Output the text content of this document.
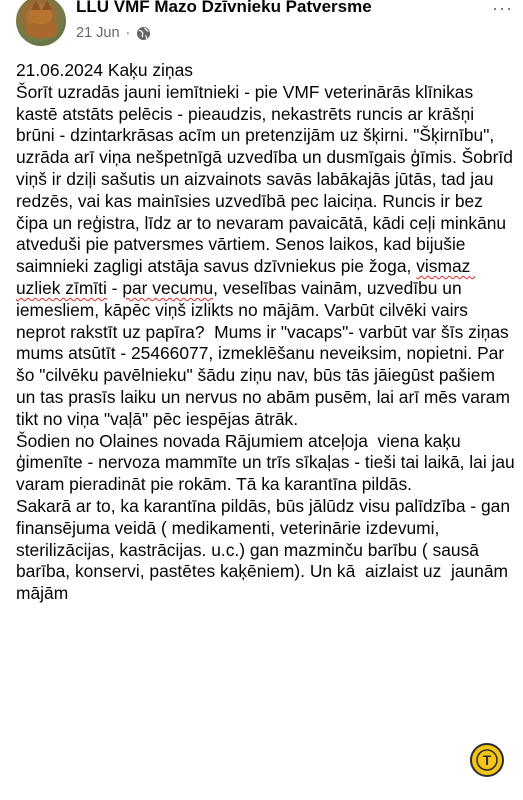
LLU VMF Mazo Dzīvnieku Patversme
21 Jun ·
···

21.06.2024 Kaķu ziņas

Šorīt uzradās jauni iemītnieki - pie VMF veterinārās klīnikas kastē atstāts pelēcis - pieaudzis, nekastrēts runcis ar krāšņi brūni - dzintarkrāsas acīm un pretenzijām uz šķirni. "Šķirnību", uzrāda arī viņa nešpetnīgā uzvedība un dusmīgais ģīmis. Šobrīd viņš ir dziļi sašutis un aizvainots savās labākajās jūtās, tad jau redzēs, vai kas mainīsies uzvedībā pec laiciņa. Runcis ir bez čipa un reģistra, līdz ar to nevaram pavaicātā, kādi ceļi minkānu atveduši pie patversmes vārtiem. Senos laikos, kad bijušie saimnieki zagligi atstāja savus dzīvniekus pie žoga, vismaz uzliek zīmīti - par vecumu, veselības vainām, uzvedību un iemesliem, kāpēc viņš izlikts no mājām. Varbūt cilvēki vairs neprot rakstīt uz papīra?  Mums ir "vacaps"- varbūt var šīs ziņas mums atsūtīt - 25466077, izmeklēšanu neveiksim, nopietni. Par šo "cilvēku pavēlnieku" šādu ziņu nav, būs tās jāiegūst pašiem  un tas prasīs laiku un nervus no abām pusēm, lai arī mēs varam tikt no viņa "vaļā" pēc iespējas ātrāk.

Šodien no Olaines novada Rājumiem atceļoja  viena kaķu ģimenīte - nervoza mammīte un trīs sīkaļas - tieši tai laikā, lai jau varam pieradināt pie rokām. Tā ka karantīna pildās.

Sakarā ar to, ka karantīna pildās, būs jālūdz visu palīdzība - gan finansējuma veidā ( medikamenti, veterinārie izdevumi, sterilizācijas, kastrācijas. u.c.) gan mazminču barību ( sausā barība, konservi, pastētes kaķēniem). Un kā  aizlaist uz  jaunām mājām

T
